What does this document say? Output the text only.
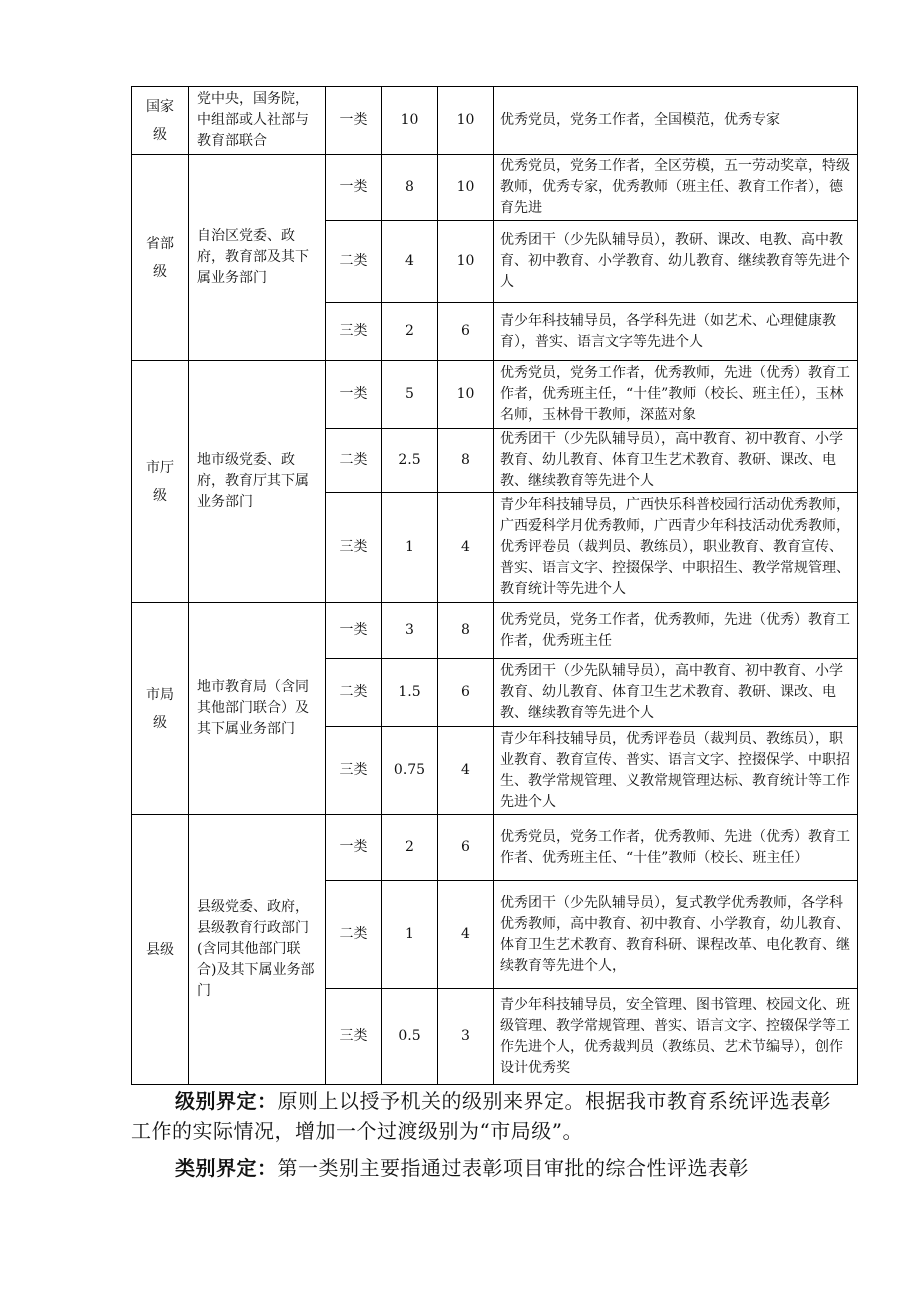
国家级	党中央，国务院，中组部或人社部与教育部联合	一类	10	10	优秀党员，党务工作者，全国模范，优秀专家
省部级	自治区党委、政府，教育部及其下属业务部门	一类	8	10	优秀党员，党务工作者，全区劳模，五一劳动奖章，特级教师，优秀专家，优秀教师（班主任、教育工作者），德育先进
		二类	4	10	优秀团干（少先队辅导员），教研、课改、电教、高中教育、初中教育、小学教育、幼儿教育、继续教育等先进个人
		三类	2	6	青少年科技辅导员，各学科先进（如艺术、心理健康教育），普实、语言文字等先进个人
市厅级	地市级党委、政府，教育厅其下属业务部门	一类	5	10	优秀党员，党务工作者，优秀教师，先进（优秀）教育工作者，优秀班主任，“十佳”教师（校长、班主任），玉林名师，玉林骨干教师，深蓝对象
		二类	2.5	8	优秀团干（少先队辅导员），高中教育、初中教育、小学教育、幼儿教育、体育卫生艺术教育、教研、课改、电教、继续教育等先进个人
		三类	1	4	青少年科技辅导员，广西快乐科普校园行活动优秀教师，广西爱科学月优秀教师，广西青少年科技活动优秀教师，优秀评卷员（裁判员、教练员），职业教育、教育宣传、普实、语言文字、控掇保学、中职招生、教学常规管理、教育统计等先进个人
市局级	地市教育局（含同其他部门联合）及其下属业务部门	一类	3	8	优秀党员，党务工作者，优秀教师，先进（优秀）教育工作者，优秀班主任
		二类	1.5	6	优秀团干（少先队辅导员），高中教育、初中教育、小学教育、幼儿教育、体育卫生艺术教育、教研、课改、电教、继续教育等先进个人
		三类	0.75	4	青少年科技辅导员，优秀评卷员（裁判员、教练员），职业教育、教育宣传、普实、语言文字、控掇保学、中职招生、教学常规管理、义教常规管理达标、教育统计等工作先进个人
县级	县级党委、政府，县级教育行政部门(含同其他部门联合)及其下属业务部门	一类	2	6	优秀党员，党务工作者，优秀教师、先进（优秀）教育工作者、优秀班主任、“十佳”教师（校长、班主任）
		二类	1	4	优秀团干（少先队辅导员），复式教学优秀教师，各学科优秀教师，高中教育、初中教育、小学教育，幼儿教育、体育卫生艺术教育、教育科研、课程改革、电化教育、继续教育等先进个人，
		三类	0.5	3	青少年科技辅导员，安全管理、图书管理、校园文化、班级管理、教学常规管理、普实、语言文字、控辍保学等工作先进个人，优秀裁判员（教练员、艺术节编导），创作设计优秀奖
级别界定：原则上以授予机关的级别来界定。根据我市教育系统评选表彰工作的实际情况，增加一个过渡级别为“市局级”。
类别界定：第一类别主要指通过表彰项目审批的综合性评选表彰
